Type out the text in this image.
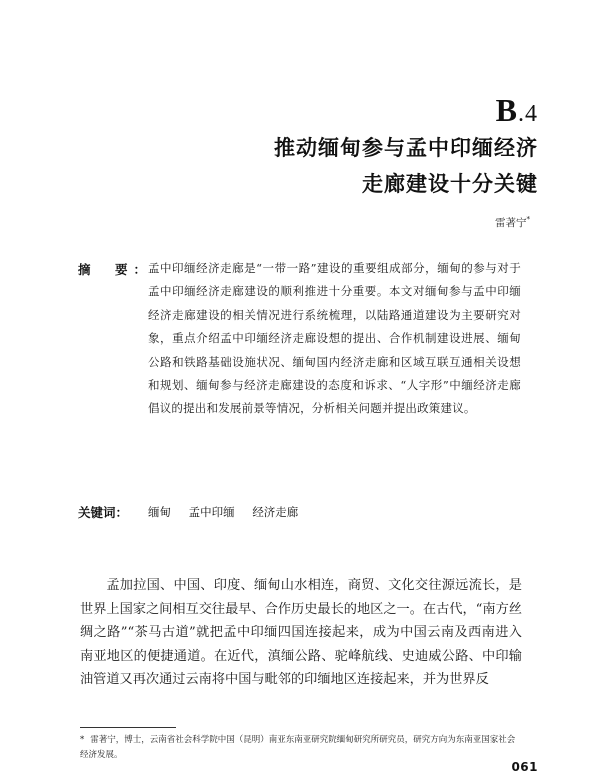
B.4
推动缅甸参与孟中印缅经济
走廊建设十分关键
雷著宁*
摘　要：
孟中印缅经济走廊是“一带一路”建设的重要组成部分，缅甸的参与对于孟中印缅经济走廊建设的顺利推进十分重要。本文对缅甸参与孟中印缅经济走廊建设的相关情况进行系统梳理，以陆路通道建设为主要研究对象，重点介绍孟中印缅经济走廊设想的提出、合作机制建设进展、缅甸公路和铁路基础设施状况、缅甸国内经济走廊和区域互联互通相关设想和规划、缅甸参与经济走廊建设的态度和诉求、“人字形”中缅经济走廊倡议的提出和发展前景等情况，分析相关问题并提出政策建议。
关键词： 缅甸 孟中印缅 经济走廊
孟加拉国、中国、印度、缅甸山水相连，商贸、文化交往源远流长，是世界上国家之间相互交往最早、合作历史最长的地区之一。在古代，“南方丝绸之路”“茶马古道”就把孟中印缅四国连接起来，成为中国云南及西南进入南亚地区的便捷通道。在近代，滇缅公路、驼峰航线、史迪威公路、中印输油管道又再次通过云南将中国与毗邻的印缅地区连接起来，并为世界反
* 雷著宁，博士，云南省社会科学院中国（昆明）南亚东南亚研究院缅甸研究所研究员，研究方向为东南亚国家社会经济发展。
061
